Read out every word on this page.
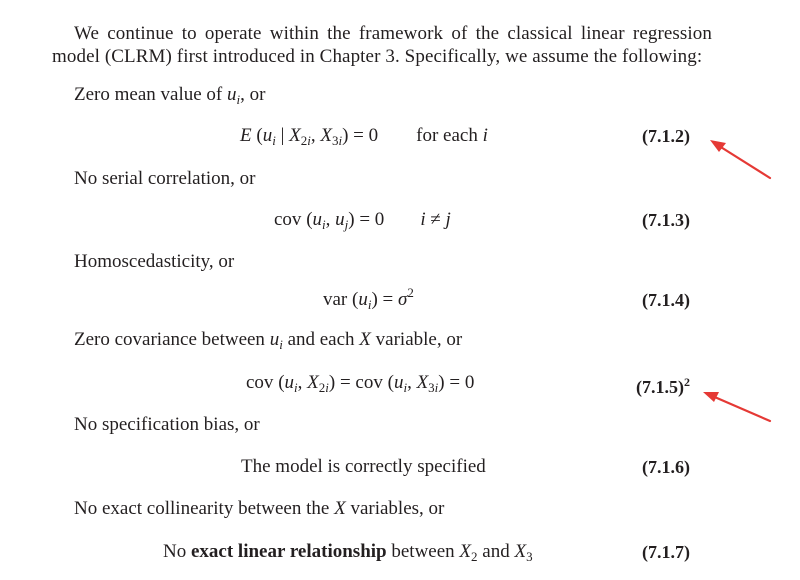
We continue to operate within the framework of the classical linear regression model (CLRM) first introduced in Chapter 3. Specifically, we assume the following:

Zero mean value of $u_i$, or
E ($u_i$ | $X_{2i}$, $X_{3i}) = 0$ for each i	(7.1.2)
No serial correlation, or
cov ($u_i$, $u_j) = 0$ i ≠ j	(7.1.3)
Homoscedasticity, or
var $(u_i) = \sigma^2$	(7.1.4)
Zero covariance between $u_i$ and each X variable, or
cov ($u_i$, $X_{2i}$) = cov ($u_i$, $X_{3i}) = 0$	$(7.1.5)^2$
No specification bias, or
The model is correctly specified	(7.1.6)
No exact collinearity between the X variables, or
No exact linear relationship between $X_2$ and $X_3$	(7.1.7)
